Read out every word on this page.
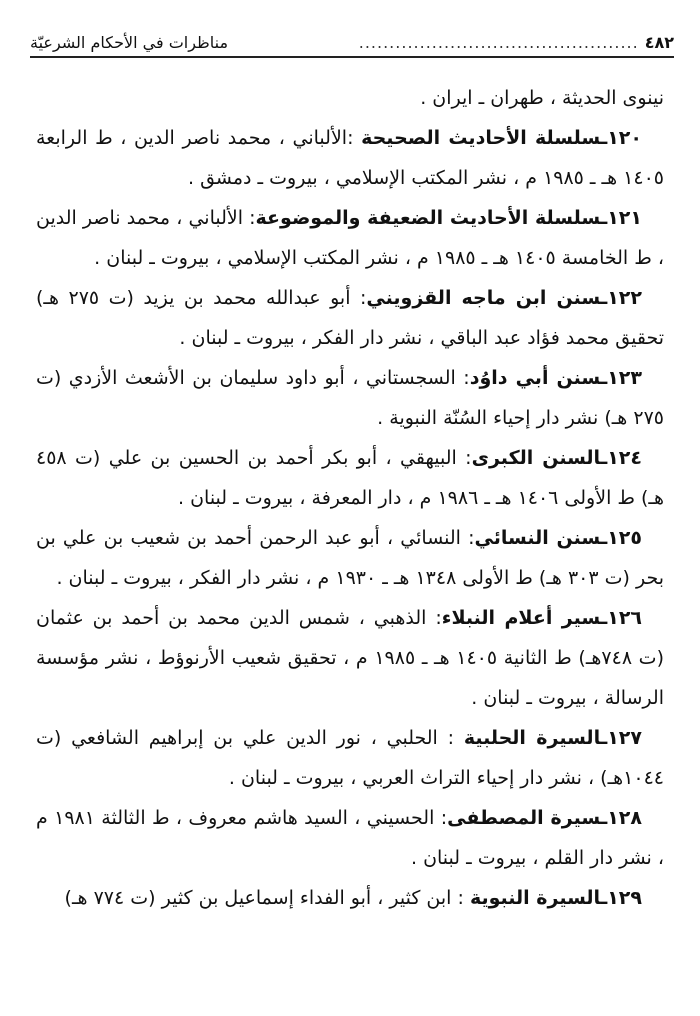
٤٨٢
..............................................
مناظرات في الأحكام الشرعيّة

نينوى الحديثة ، طهران ـ ايران .

١٢٠ـسلسلة الأحاديث الصحيحة :الألباني ، محمد ناصر الدين ، ط الرابعة ١٤٠٥ هـ ـ ١٩٨٥ م ، نشر المكتب الإسلامي ، بيروت ـ دمشق .

١٢١ـسلسلة الأحاديث الضعيفة والموضوعة: الألباني ، محمد ناصر الدين ، ط الخامسة ١٤٠٥ هـ ـ ١٩٨٥ م ، نشر المكتب الإسلامي ، بيروت ـ لبنان .

١٢٢ـسنن ابن ماجه القزويني: أبو عبدالله محمد بن يزيد (ت ٢٧٥ هـ) تحقيق محمد فؤاد عبد الباقي ، نشر دار الفكر ، بيروت ـ لبنان .

١٢٣ـسنن أبي داوُد: السجستاني ، أبو داود سليمان بن الأشعث الأزدي (ت ٢٧٥ هـ) نشر دار إحياء السُنّة النبوية .

١٢٤ـالسنن الكبرى: البيهقي ، أبو بكر أحمد بن الحسين بن علي (ت ٤٥٨ هـ) ط الأولى ١٤٠٦ هـ ـ ١٩٨٦ م ، دار المعرفة ، بيروت ـ لبنان .

١٢٥ـسنن النسائي: النسائي ، أبو عبد الرحمن أحمد بن شعيب بن علي بن بحر (ت ٣٠٣ هـ) ط الأولى ١٣٤٨ هـ ـ ١٩٣٠ م ، نشر دار الفكر ، بيروت ـ لبنان .

١٢٦ـسير أعلام النبلاء: الذهبي ، شمس الدين محمد بن أحمد بن عثمان (ت ٧٤٨هـ) ط الثانية ١٤٠٥ هـ ـ ١٩٨٥ م ، تحقيق شعيب الأرنوؤط ، نشر مؤسسة الرسالة ، بيروت ـ لبنان .

١٢٧ـالسيرة الحلبية : الحلبي ، نور الدين علي بن إبراهيم الشافعي (ت ١٠٤٤هـ) ، نشر دار إحياء التراث العربي ، بيروت ـ لبنان .

١٢٨ـسيرة المصطفى: الحسيني ، السيد هاشم معروف ، ط الثالثة ١٩٨١ م ، نشر دار القلم ، بيروت ـ لبنان .

١٢٩ـالسيرة النبوية : ابن كثير ، أبو الفداء إسماعيل بن كثير (ت ٧٧٤ هـ)
